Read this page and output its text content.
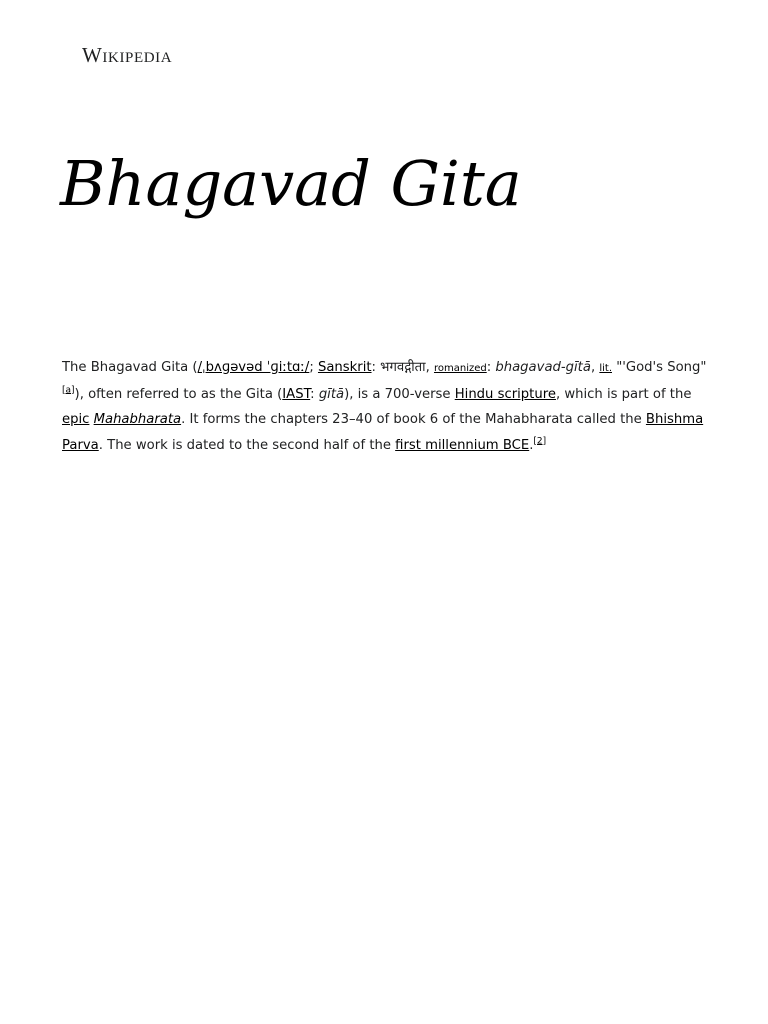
Wikipedia
Bhagavad Gita

The Bhagavad Gita (/ˌbʌɡəvəd ˈɡiːtɑː/; Sanskrit: भगवद्गीता, romanized: bhagavad-gītā, lit. "'God's Song"[a]), often referred to as the Gita (IAST: gītā), is a 700-verse Hindu scripture, which is part of the epic Mahabharata. It forms the chapters 23–40 of book 6 of the Mahabharata called the Bhishma Parva. The work is dated to the second half of the first millennium BCE.[2]
